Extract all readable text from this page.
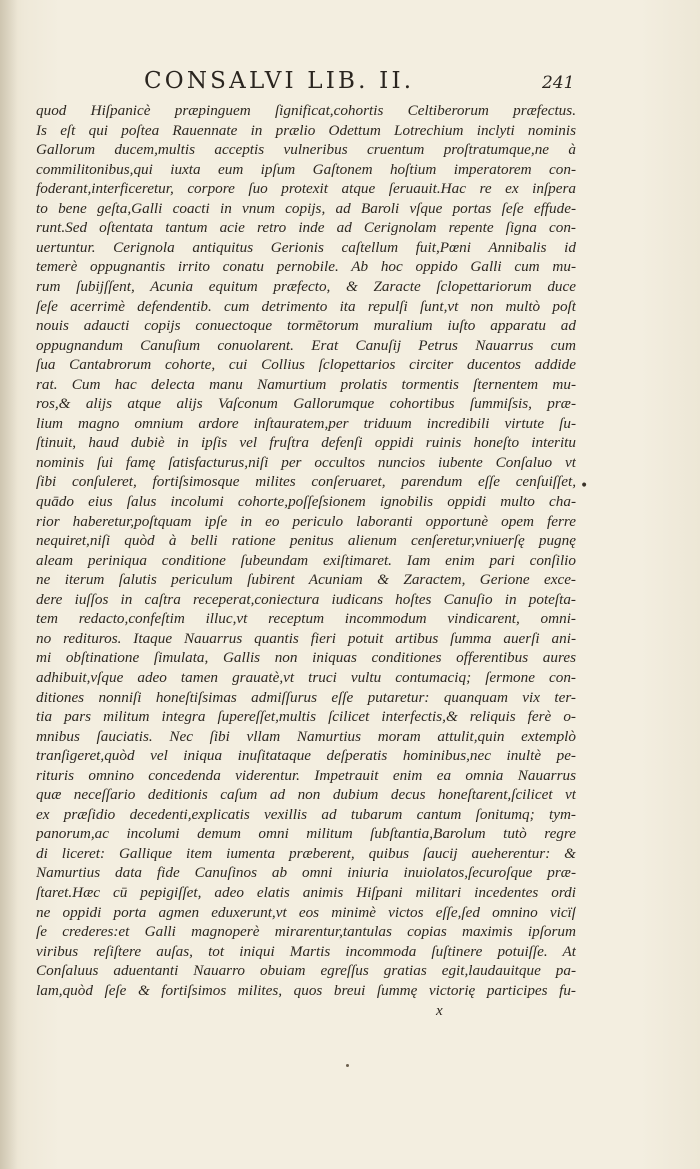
CONSALVI LIB. II.	241
quod Hiſpanicè præpinguem ſignificat,cohortis Celtiberorum præfectus.
Is eſt qui poſtea Rauennate in prælio Odettum Lotrechium inclyti nominis
Gallorum ducem,multis acceptis vulneribus cruentum proſtratumque,ne à
commilitonibus,qui iuxta eum ipſum Gaſtonem hoſtium imperatorem con-
foderant,interficeretur, corpore ſuo protexit atque ſeruauit.Hac re ex inſpera
to bene geſta,Galli coacti in vnum copijs, ad Baroli vſque portas ſeſe effude-
runt.Sed oſtentata tantum acie retro inde ad Cerignolam repente ſigna con-
uertuntur. Cerignola antiquitus Gerionis caſtellum fuit,Pœni Annibalis id
temerè oppugnantis irrito conatu pernobile. Ab hoc oppido Galli cum mu-
rum ſubijſſent, Acunia equitum præfecto, & Zaracte ſclopettariorum duce
ſeſe acerrimè defendentib. cum detrimento ita repulſi ſunt,vt non multò poſt
nouis adaucti copijs conuectoque tormētorum muralium iuſto apparatu ad
oppugnandum Canuſium conuolarent. Erat Canuſij Petrus Nauarrus cum
ſua Cantabrorum cohorte, cui Collius ſclopettarios circiter ducentos addide
rat. Cum hac delecta manu Namurtium prolatis tormentis ſternentem mu-
ros,& alijs atque alijs Vaſconum Gallorumque cohortibus ſummiſsis, præ-
lium magno omnium ardore inſtauratem,per triduum incredibili virtute ſu-
ſtinuit, haud dubiè in ipſis vel fruſtra defenſi oppidi ruinis honeſto interitu
nominis ſui famę ſatisfacturus,niſi per occultos nuncios iubente Conſaluo vt
ſibi conſuleret, fortiſsimosque milites conſeruaret, parendum eſſe cenſuiſſet,
quādo eius ſalus incolumi cohorte,poſſeſsionem ignobilis oppidi multo cha-
rior haberetur,poſtquam ipſe in eo periculo laboranti opportunè opem ferre
nequiret,niſi quòd à belli ratione penitus alienum cenſeretur,vniuerſę pugnę
aleam periniqua conditione ſubeundam exiſtimaret. Iam enim pari conſilio
ne iterum ſalutis periculum ſubirent Acuniam & Zaractem, Gerione exce-
dere iuſſos in caſtra receperat,coniectura iudicans hoſtes Canuſio in poteſta-
tem redacto,confeſtim illuc,vt receptum incommodum vindicarent, omni-
no redituros. Itaque Nauarrus quantis fieri potuit artibus ſumma auerſi ani-
mi obſtinatione ſimulata, Gallis non iniquas conditiones offerentibus aures
adhibuit,vſque adeo tamen grauatè,vt truci vultu contumaciq; ſermone con-
ditiones nonniſi honeſtiſsimas admiſſurus eſſe putaretur: quanquam vix ter-
tia pars militum integra ſupereſſet,multis ſcilicet interfectis,& reliquis ferè o-
mnibus ſauciatis. Nec ſibi vllam Namurtius moram attulit,quin extemplò
tranſigeret,quòd vel iniqua inuſitataque deſperatis hominibus,nec inultè pe-
rituris omnino concedenda viderentur. Impetrauit enim ea omnia Nauarrus
quæ neceſſario deditionis caſum ad non dubium decus honeſtarent,ſcilicet vt
ex præſidio decedenti,explicatis vexillis ad tubarum cantum ſonitumq; tym-
panorum,ac incolumi demum omni militum ſubſtantia,Barolum tutò regre
di liceret: Gallique item iumenta præberent, quibus ſaucij aueherentur: &
Namurtius data fide Canuſinos ab omni iniuria inuiolatos,ſecuroſque præ-
ſtaret.Hæc cū pepigiſſet, adeo elatis animis Hiſpani militari incedentes ordi
ne oppidi porta agmen eduxerunt,vt eos minimè victos eſſe,ſed omnino vicïſ
ſe crederes:et Galli magnoperè mirarentur,tantulas copias maximis ipſorum
viribus reſiſtere auſas, tot iniqui Martis incommoda ſuſtinere potuiſſe. At
Conſaluus aduentanti Nauarro obuiam egreſſus gratias egit,laudauitque pa-
lam,quòd ſeſe & fortiſsimos milites, quos breui ſummę victorię participes fu-
•
x
